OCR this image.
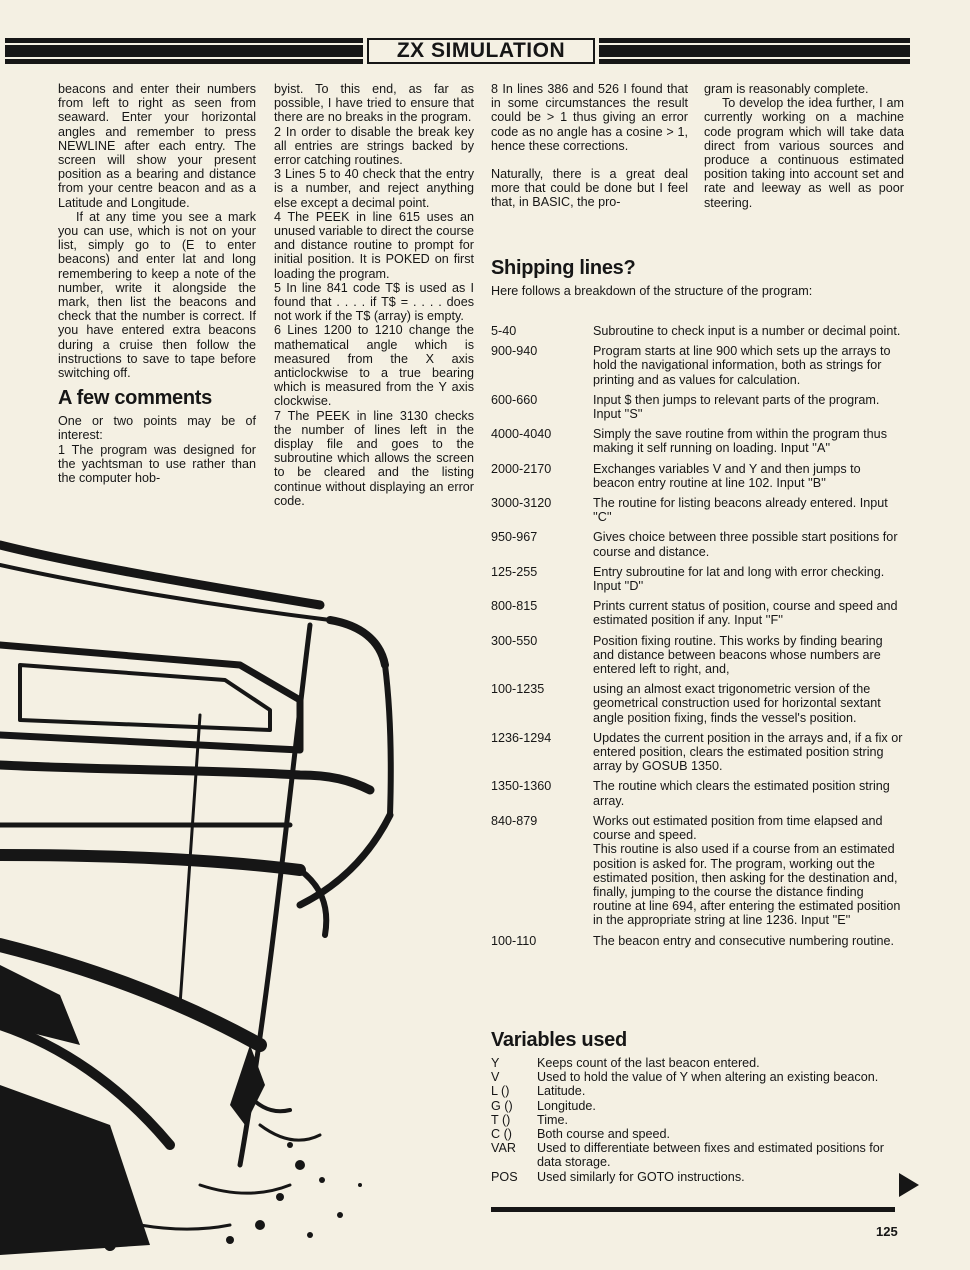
ZX SIMULATION

beacons and enter their numbers from left to right as seen from seaward. Enter your horizontal angles and remember to press NEWLINE after each entry. The screen will show your present position as a bearing and distance from your centre beacon and as a Latitude and Longitude.

If at any time you see a mark you can use, which is not on your list, simply go to (E to enter beacons) and enter lat and long remembering to keep a note of the number, write it alongside the mark, then list the beacons and check that the number is correct. If you have entered extra beacons during a cruise then follow the instructions to save to tape before switching off.

A few comments

One or two points may be of interest:

1 The program was designed for the yachtsman to use rather than the computer hob-

byist. To this end, as far as possible, I have tried to ensure that there are no breaks in the program.

2 In order to disable the break key all entries are strings backed by error catching routines.

3 Lines 5 to 40 check that the entry is a number, and reject anything else except a decimal point.

4 The PEEK in line 615 uses an unused variable to direct the course and distance routine to prompt for initial position. It is POKED on first loading the program.

5 In line 841 code T$ is used as I found that . . . . if T$ = . . . . does not work if the T$ (array) is empty.

6 Lines 1200 to 1210 change the mathematical angle which is measured from the X axis anticlockwise to a true bearing which is measured from the Y axis clockwise.

7 The PEEK in line 3130 checks the number of lines left in the display file and goes to the subroutine which allows the screen to be cleared and the listing continue without displaying an error code.

8 In lines 386 and 526 I found that in some circumstances the result could be > 1 thus giving an error code as no angle has a cosine > 1, hence these corrections.

Naturally, there is a great deal more that could be done but I feel that, in BASIC, the pro-

gram is reasonably complete.

To develop the idea further, I am currently working on a machine code program which will take data direct from various sources and produce a continuous estimated position taking into account set and rate and leeway as well as poor steering.

Shipping lines?
Here follows a breakdown of the structure of the program:
5-40	Subroutine to check input is a number or decimal point.
900-940	Program starts at line 900 which sets up the arrays to hold the navigational information, both as strings for printing and as values for calculation.
600-660	Input $ then jumps to relevant parts of the program. Input ''S''
4000-4040	Simply the save routine from within the program thus making it self running on loading. Input ''A''
2000-2170	Exchanges variables V and Y and then jumps to beacon entry routine at line 102. Input ''B''
3000-3120	The routine for listing beacons already entered. Input ''C''
950-967	Gives choice between three possible start positions for course and distance.
125-255	Entry subroutine for lat and long with error checking. Input ''D''
800-815	Prints current status of position, course and speed and estimated position if any. Input ''F''
300-550	Position fixing routine. This works by finding bearing and distance between beacons whose numbers are entered left to right, and,
100-1235	using an almost exact trigonometric version of the geometrical construction used for horizontal sextant angle position fixing, finds the vessel's position.
1236-1294	Updates the current position in the arrays and, if a fix or entered position, clears the estimated position string array by GOSUB 1350.
1350-1360	The routine which clears the estimated position string array.
840-879	Works out estimated position from time elapsed and course and speed.
This routine is also used if a course from an estimated position is asked for. The program, working out the estimated position, then asking for the destination and, finally, jumping to the course the distance finding routine at line 694, after entering the estimated position in the appropriate string at line 1236. Input ''E''
100-110	The beacon entry and consecutive numbering routine.
Variables used
Y	Keeps count of the last beacon entered.
V	Used to hold the value of Y when altering an existing beacon.
L ()	Latitude.
G ()	Longitude.
T ()	Time.
C ()	Both course and speed.
VAR	Used to differentiate between fixes and estimated positions for data storage.
POS	Used similarly for GOTO instructions.
125
